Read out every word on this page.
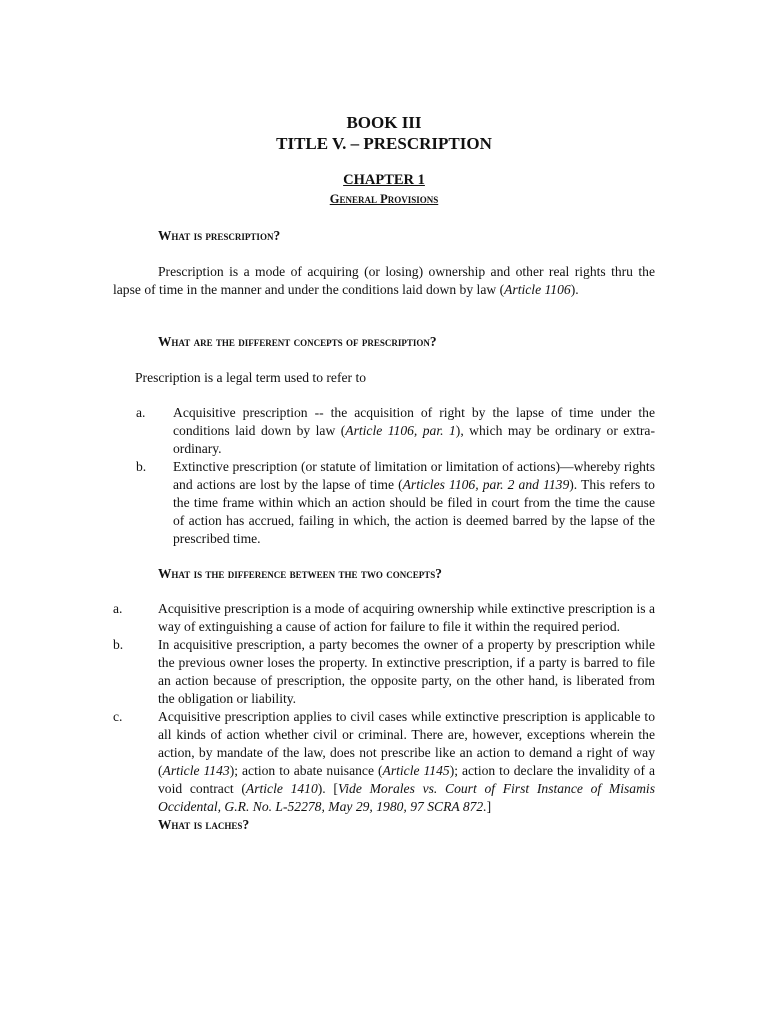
BOOK III
TITLE V. – PRESCRIPTION
CHAPTER 1
General Provisions
What is prescription?
Prescription is a mode of acquiring (or losing) ownership and other real rights thru the lapse of time in the manner and under the conditions laid down by law (Article 1106).
What are the different concepts of prescription?
Prescription is a legal term used to refer to
a. Acquisitive prescription -- the acquisition of right by the lapse of time under the conditions laid down by law (Article 1106, par. 1), which may be ordinary or extra-ordinary.
b. Extinctive prescription (or statute of limitation or limitation of actions)—whereby rights and actions are lost by the lapse of time (Articles 1106, par. 2 and 1139). This refers to the time frame within which an action should be filed in court from the time the cause of action has accrued, failing in which, the action is deemed barred by the lapse of the prescribed time.
What is the difference between the two concepts?
a.	Acquisitive prescription is a mode of acquiring ownership while extinctive prescription is a way of extinguishing a cause of action for failure to file it within the required period.
b.	In acquisitive prescription, a party becomes the owner of a property by prescription while the previous owner loses the property. In extinctive prescription, if a party is barred to file an action because of prescription, the opposite party, on the other hand, is liberated from the obligation or liability.
c.	Acquisitive prescription applies to civil cases while extinctive prescription is applicable to all kinds of action whether civil or criminal. There are, however, exceptions wherein the action, by mandate of the law, does not prescribe like an action to demand a right of way (Article 1143); action to abate nuisance (Article 1145); action to declare the invalidity of a void contract (Article 1410). [Vide Morales vs. Court of First Instance of Misamis Occidental, G.R. No. L-52278, May 29, 1980, 97 SCRA 872.]
What is laches?
